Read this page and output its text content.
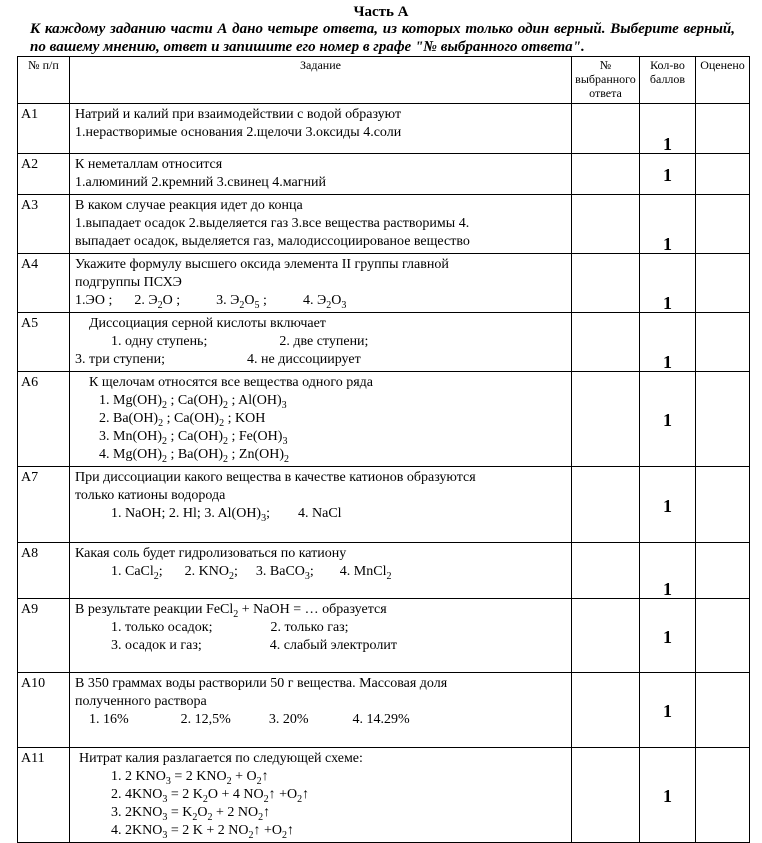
Часть А
К каждому заданию части А дано четыре ответа, из которых только один верный. Выберите верный, по вашему мнению, ответ и запишите его номер в графе "№ выбранного ответа".
№ п/п	Задание	№ выбранного ответа	Кол-во баллов	Оценено
A1	Натрий и калий при взаимодействии с водой образуют
1.нерастворимые основания 2.щелочи 3.оксиды 4.соли		1	
A2	К неметаллам относится
1.алюминий 2.кремний 3.свинец 4.магний		1	
A3	В каком случае реакция идет до конца
1.выпадает осадок 2.выделяется газ 3.все вещества растворимы 4.
выпадает осадок, выделяется газ, малодиссоциированое вещество		1	
A4	Укажите формулу высшего оксида элемента II группы главной
подгруппы ПСХЭ
1.ЭО ; 2. $Э_2O$ ; 3. $Э_2O_5$ ; 4. $Э_2O_3$		1	
A5	Диссоциация серной кислоты включает
1. одну ступень; 2. две ступени;
3. три ступени; 4. не диссоциирует		1	
A6	К щелочам относятся все вещества одного ряда
1. $Mg(OH)_2$ ; $Ca(OH)_2$ ; $Al(OH)_3$
2. $Ba(OH)_2$ ; $Ca(OH)_2$ ; KOH
3. $Mn(OH)_2$ ; $Ca(OH)_2$ ; $Fe(OH)_3$
4. $Mg(OH)_2$ ; $Ba(OH)_2$ ; $Zn(OH)_2$		1	
A7	При диссоциации какого вещества в качестве катионов образуются
только катионы водорода
1. NaOH; 2. Hl; 3. $Al(OH)_3$; 4. NaCl		1	
A8	Какая соль будет гидролизоваться по катиону
1. CaCl$_2$; 2. $KNO_2$; 3. BaCO$_3$; 4. MnCl$_2$		1	
A9	В результате реакции FeCl$_2$ + NaOH = … образуется
1. только осадок; 2. только газ;
3. осадок и газ; 4. слабый электролит		1	
A10	В 350 граммах воды растворили 50 г вещества. Массовая доля
полученного раствора
1. 16% 2. 12,5% 3. 20% 4. 14.29%		1	
A11	Нитрат калия разлагается по следующей схеме:
1. 2 $KNO_3 = 2$ $KNO_2$ + $O_2↑$
2. $4KNO_3 = 2$ $K_2O + 4$ $NO_2↑$ $+O_2↑$
3. $2KNO_3 = K_2O_2 + 2$ $NO_2↑$
4. $2KNO_3 = 2$ K + 2 $NO_2↑$ $+O_2↑$		1	
